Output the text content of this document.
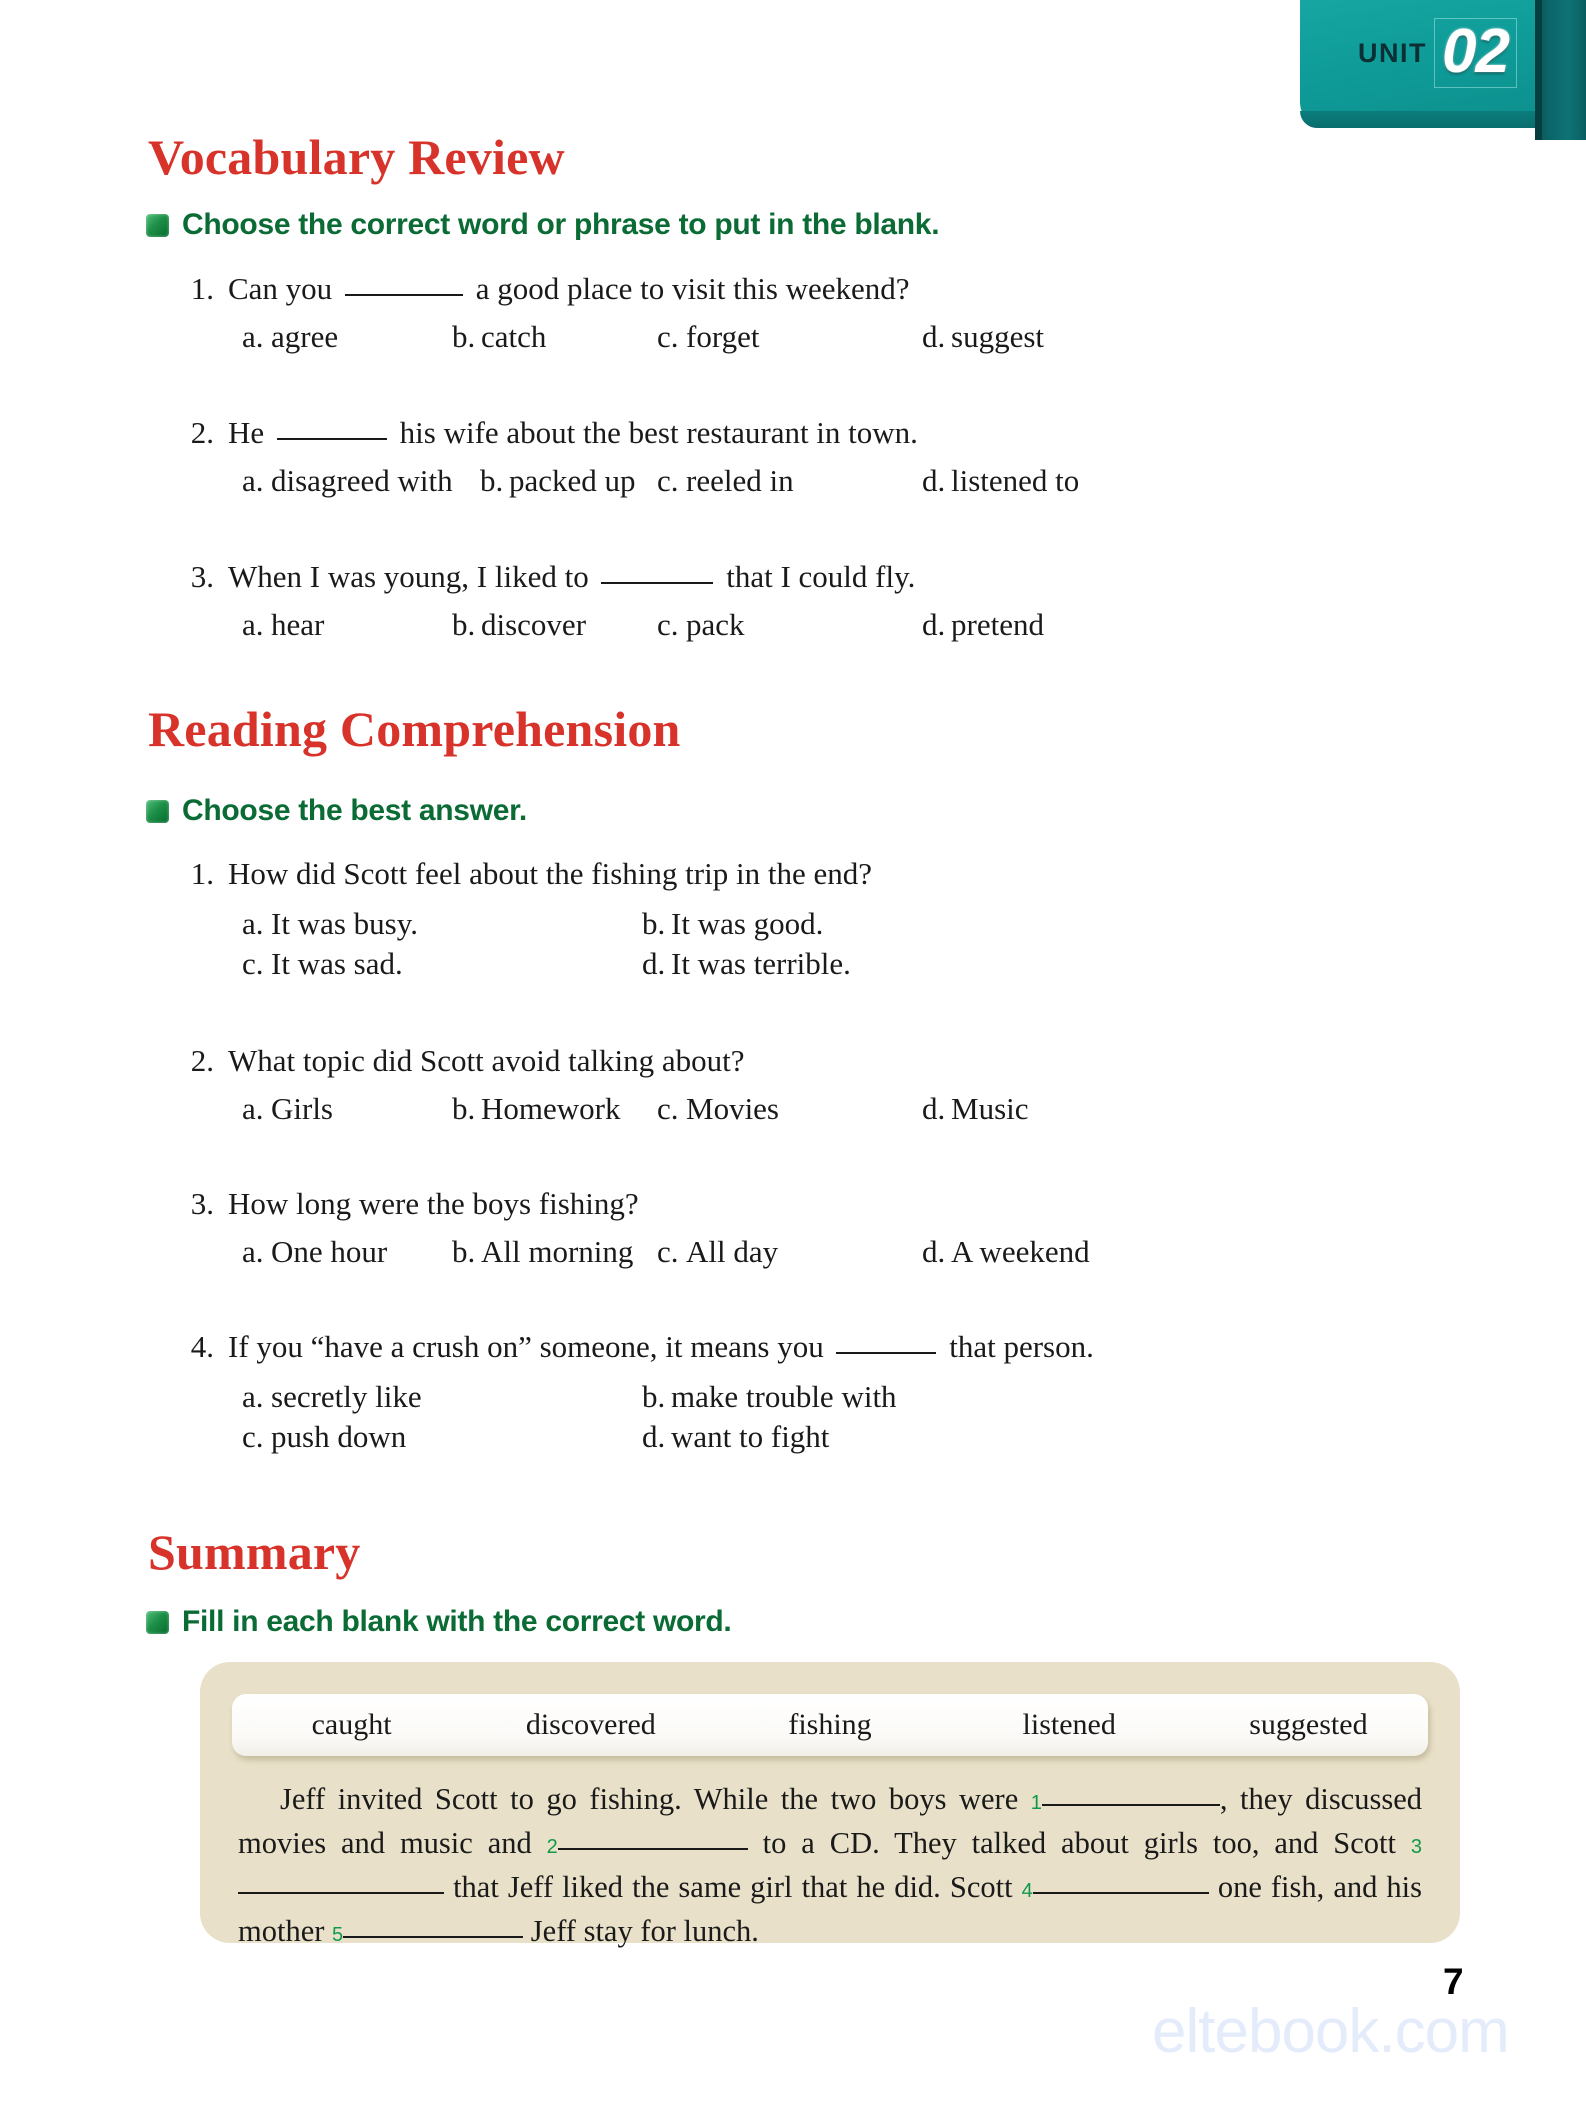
UNIT 02
Vocabulary Review
Choose the correct word or phrase to put in the blank.
1. Can you	a good place to visit this weekend?
a. agree	b. catch	c. forget	d. suggest
2. He	his wife about the best restaurant in town.
a. disagreed with b. packed up c. reeled in	d. listened to
3. When I was young, I liked to	that I could fly.
a. hear	b. discover	c. pack	d. pretend
Reading Comprehension
Choose the best answer.
1. How did Scott feel about the fishing trip in the end?
a. It was busy.	b. It was good.
c. It was sad.	d. It was terrible.
2. What topic did Scott avoid talking about?
a. Girls	b. Homework	c. Movies	d. Music
3. How long were the boys fishing?
a. One hour	b. All morning c. All day	d. A weekend
4. If you “have a crush on” someone, it means you	that person.
a. secretly like	b. make trouble with
c. push down	d. want to fight
Summary
Fill in each blank with the correct word.
caught	discovered	fishing	listened	suggested
Jeff invited Scott to go fishing. While the two boys were 1	, they discussed movies and music and 2	to a CD. They talked about girls too, and Scott 3 that Jeff liked the same girl that he did. Scott 4	one fish, and his mother 5	Jeff stay for lunch.
eltebook.com
7
